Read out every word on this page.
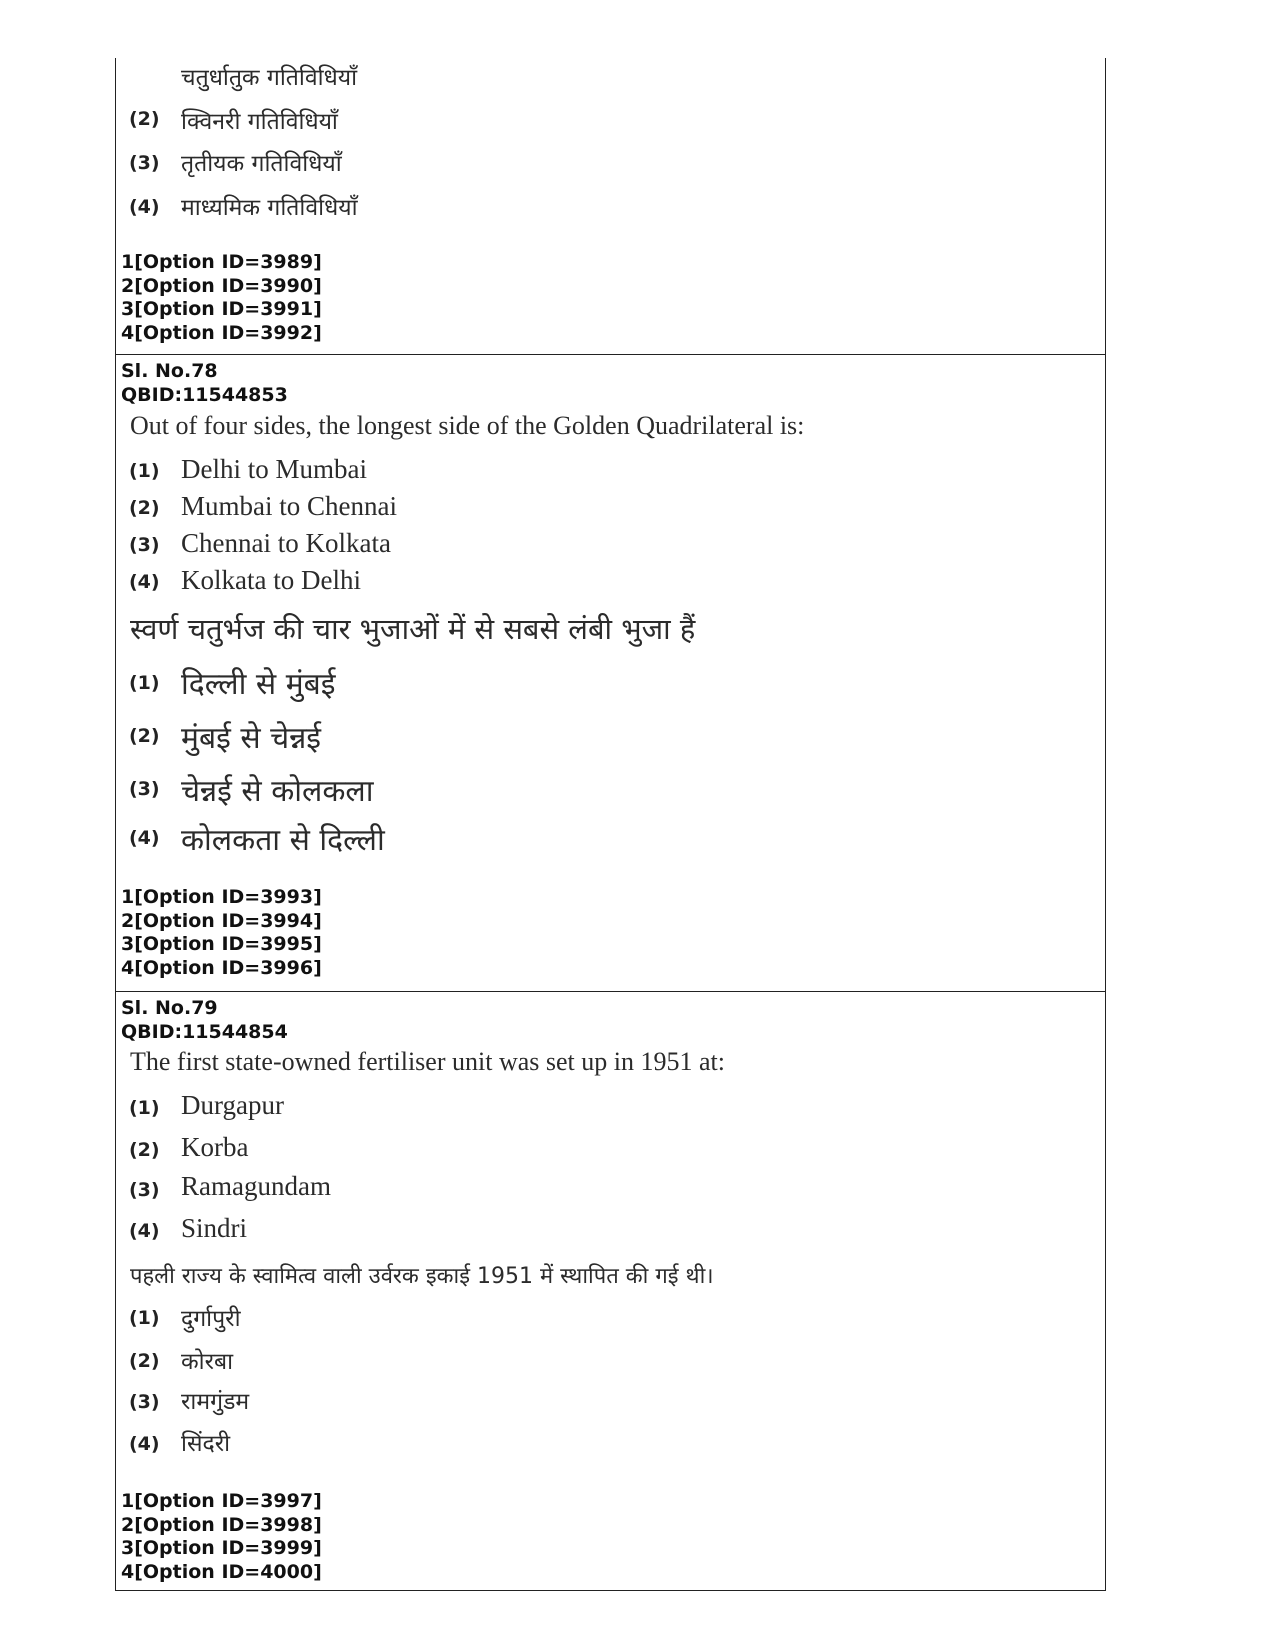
चतुर्धातुक गतिविधियाँ
(2) क्विनरी गतिविधियाँ
(3) तृतीयक गतिविधियाँ
(4) माध्यमिक गतिविधियाँ
1[Option ID=3989]
2[Option ID=3990]
3[Option ID=3991]
4[Option ID=3992]
Sl. No.78
QBID:11544853
Out of four sides, the longest side of the Golden Quadrilateral is:
(1) Delhi to Mumbai
(2) Mumbai to Chennai
(3) Chennai to Kolkata
(4) Kolkata to Delhi
स्वर्ण चतुर्भज की चार भुजाओं में से सबसे लंबी भुजा हैं
(1) दिल्ली से मुंबई
(2) मुंबई से चेन्नई
(3) चेन्नई से कोलकला
(4) कोलकता से दिल्ली
1[Option ID=3993]
2[Option ID=3994]
3[Option ID=3995]
4[Option ID=3996]
Sl. No.79
QBID:11544854
The first state-owned fertiliser unit was set up in 1951 at:
(1) Durgapur
(2) Korba
(3) Ramagundam
(4) Sindri
पहली राज्य के स्वामित्व वाली उर्वरक इकाई 1951 में स्थापित की गई थी।
(1) दुर्गापुरी
(2) कोरबा
(3) रामगुंडम
(4) सिंदरी
1[Option ID=3997]
2[Option ID=3998]
3[Option ID=3999]
4[Option ID=4000]
